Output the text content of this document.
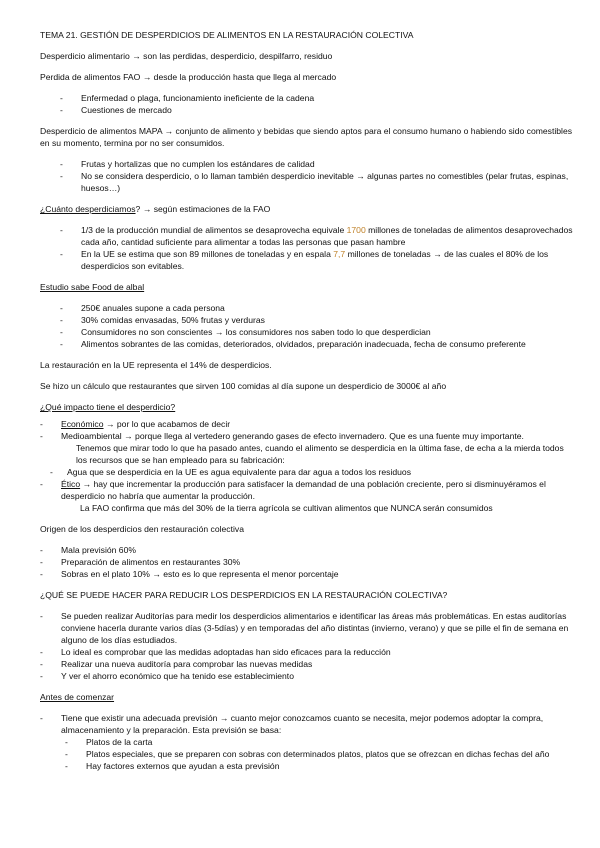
TEMA 21. GESTIÓN DE DESPERDICIOS DE ALIMENTOS EN LA RESTAURACIÓN COLECTIVA

Desperdicio alimentario → son las perdidas, desperdicio, despilfarro, residuo

Perdida de alimentos FAO → desde la producción hasta que llega al mercado

- Enfermedad o plaga, funcionamiento ineficiente de la cadena
- Cuestiones de mercado

Desperdicio de alimentos MAPA → conjunto de alimento y bebidas que siendo aptos para el consumo humano o habiendo sido comestibles en su momento, termina por no ser consumidos.

- Frutas y hortalizas que no cumplen los estándares de calidad
- No se considera desperdicio, o lo llaman también desperdicio inevitable → algunas partes no comestibles (pelar frutas, espinas, huesos…)

¿Cuánto desperdiciamos? → según estimaciones de la FAO

- 1/3 de la producción mundial de alimentos se desaprovecha equivale 1700 millones de toneladas de alimentos desaprovechados cada año, cantidad suficiente para alimentar a todas las personas que pasan hambre
- En la UE se estima que son 89 millones de toneladas y en espala 7,7 millones de toneladas → de las cuales el 80% de los desperdicios son evitables.

Estudio sabe Food de albal

- 250€ anuales supone a cada persona
- 30% comidas envasadas, 50% frutas y verduras
- Consumidores no son conscientes → los consumidores nos saben todo lo que desperdician
- Alimentos sobrantes de las comidas, deteriorados, olvidados, preparación inadecuada, fecha de consumo preferente

La restauración en la UE representa el 14% de desperdicios.

Se hizo un cálculo que restaurantes que sirven 100 comidas al día supone un desperdicio de 3000€ al año

¿Qué impacto tiene el desperdicio?

- Económico → por lo que acabamos de decir
- Medioambiental → porque llega al vertedero generando gases de efecto invernadero. Que es una fuente muy importante.

Tenemos que mirar todo lo que ha pasado antes, cuando el alimento se desperdicia en la última fase, de echa a la mierda todos los recursos que se han empleado para su fabricación:

- Agua que se desperdicia en la UE es agua equivalente para dar agua a todos los residuos

- Ético → hay que incrementar la producción para satisfacer la demandad de una población creciente, pero si disminuyéramos el desperdicio no habría que aumentar la producción.

La FAO confirma que más del 30% de la tierra agrícola se cultivan alimentos que NUNCA serán consumidos

Origen de los desperdicios den restauración colectiva

- Mala previsión 60%
- Preparación de alimentos en restaurantes 30%
- Sobras en el plato 10% → esto es lo que representa el menor porcentaje

¿QUÉ SE PUEDE HACER PARA REDUCIR LOS DESPERDICIOS EN LA RESTAURACIÓN COLECTIVA?

- Se pueden realizar Auditorías para medir los desperdicios alimentarios e identificar las áreas más problemáticas. En estas auditorías conviene hacerla durante varios días (3-5días) y en temporadas del año distintas (invierno, verano) y que se pille el fin de semana en alguno de los días estudiados.
- Lo ideal es comprobar que las medidas adoptadas han sido eficaces para la reducción
- Realizar una nueva auditoría para comprobar las nuevas medidas
- Y ver el ahorro económico que ha tenido ese establecimiento

Antes de comenzar

- Tiene que existir una adecuada previsión → cuanto mejor conozcamos cuanto se necesita, mejor podemos adoptar la compra, almacenamiento y la preparación. Esta previsión se basa:
- Platos de la carta
- Platos especiales, que se preparen con sobras con determinados platos, platos que se ofrezcan en dichas fechas del año
- Hay factores externos que ayudan a esta previsión
